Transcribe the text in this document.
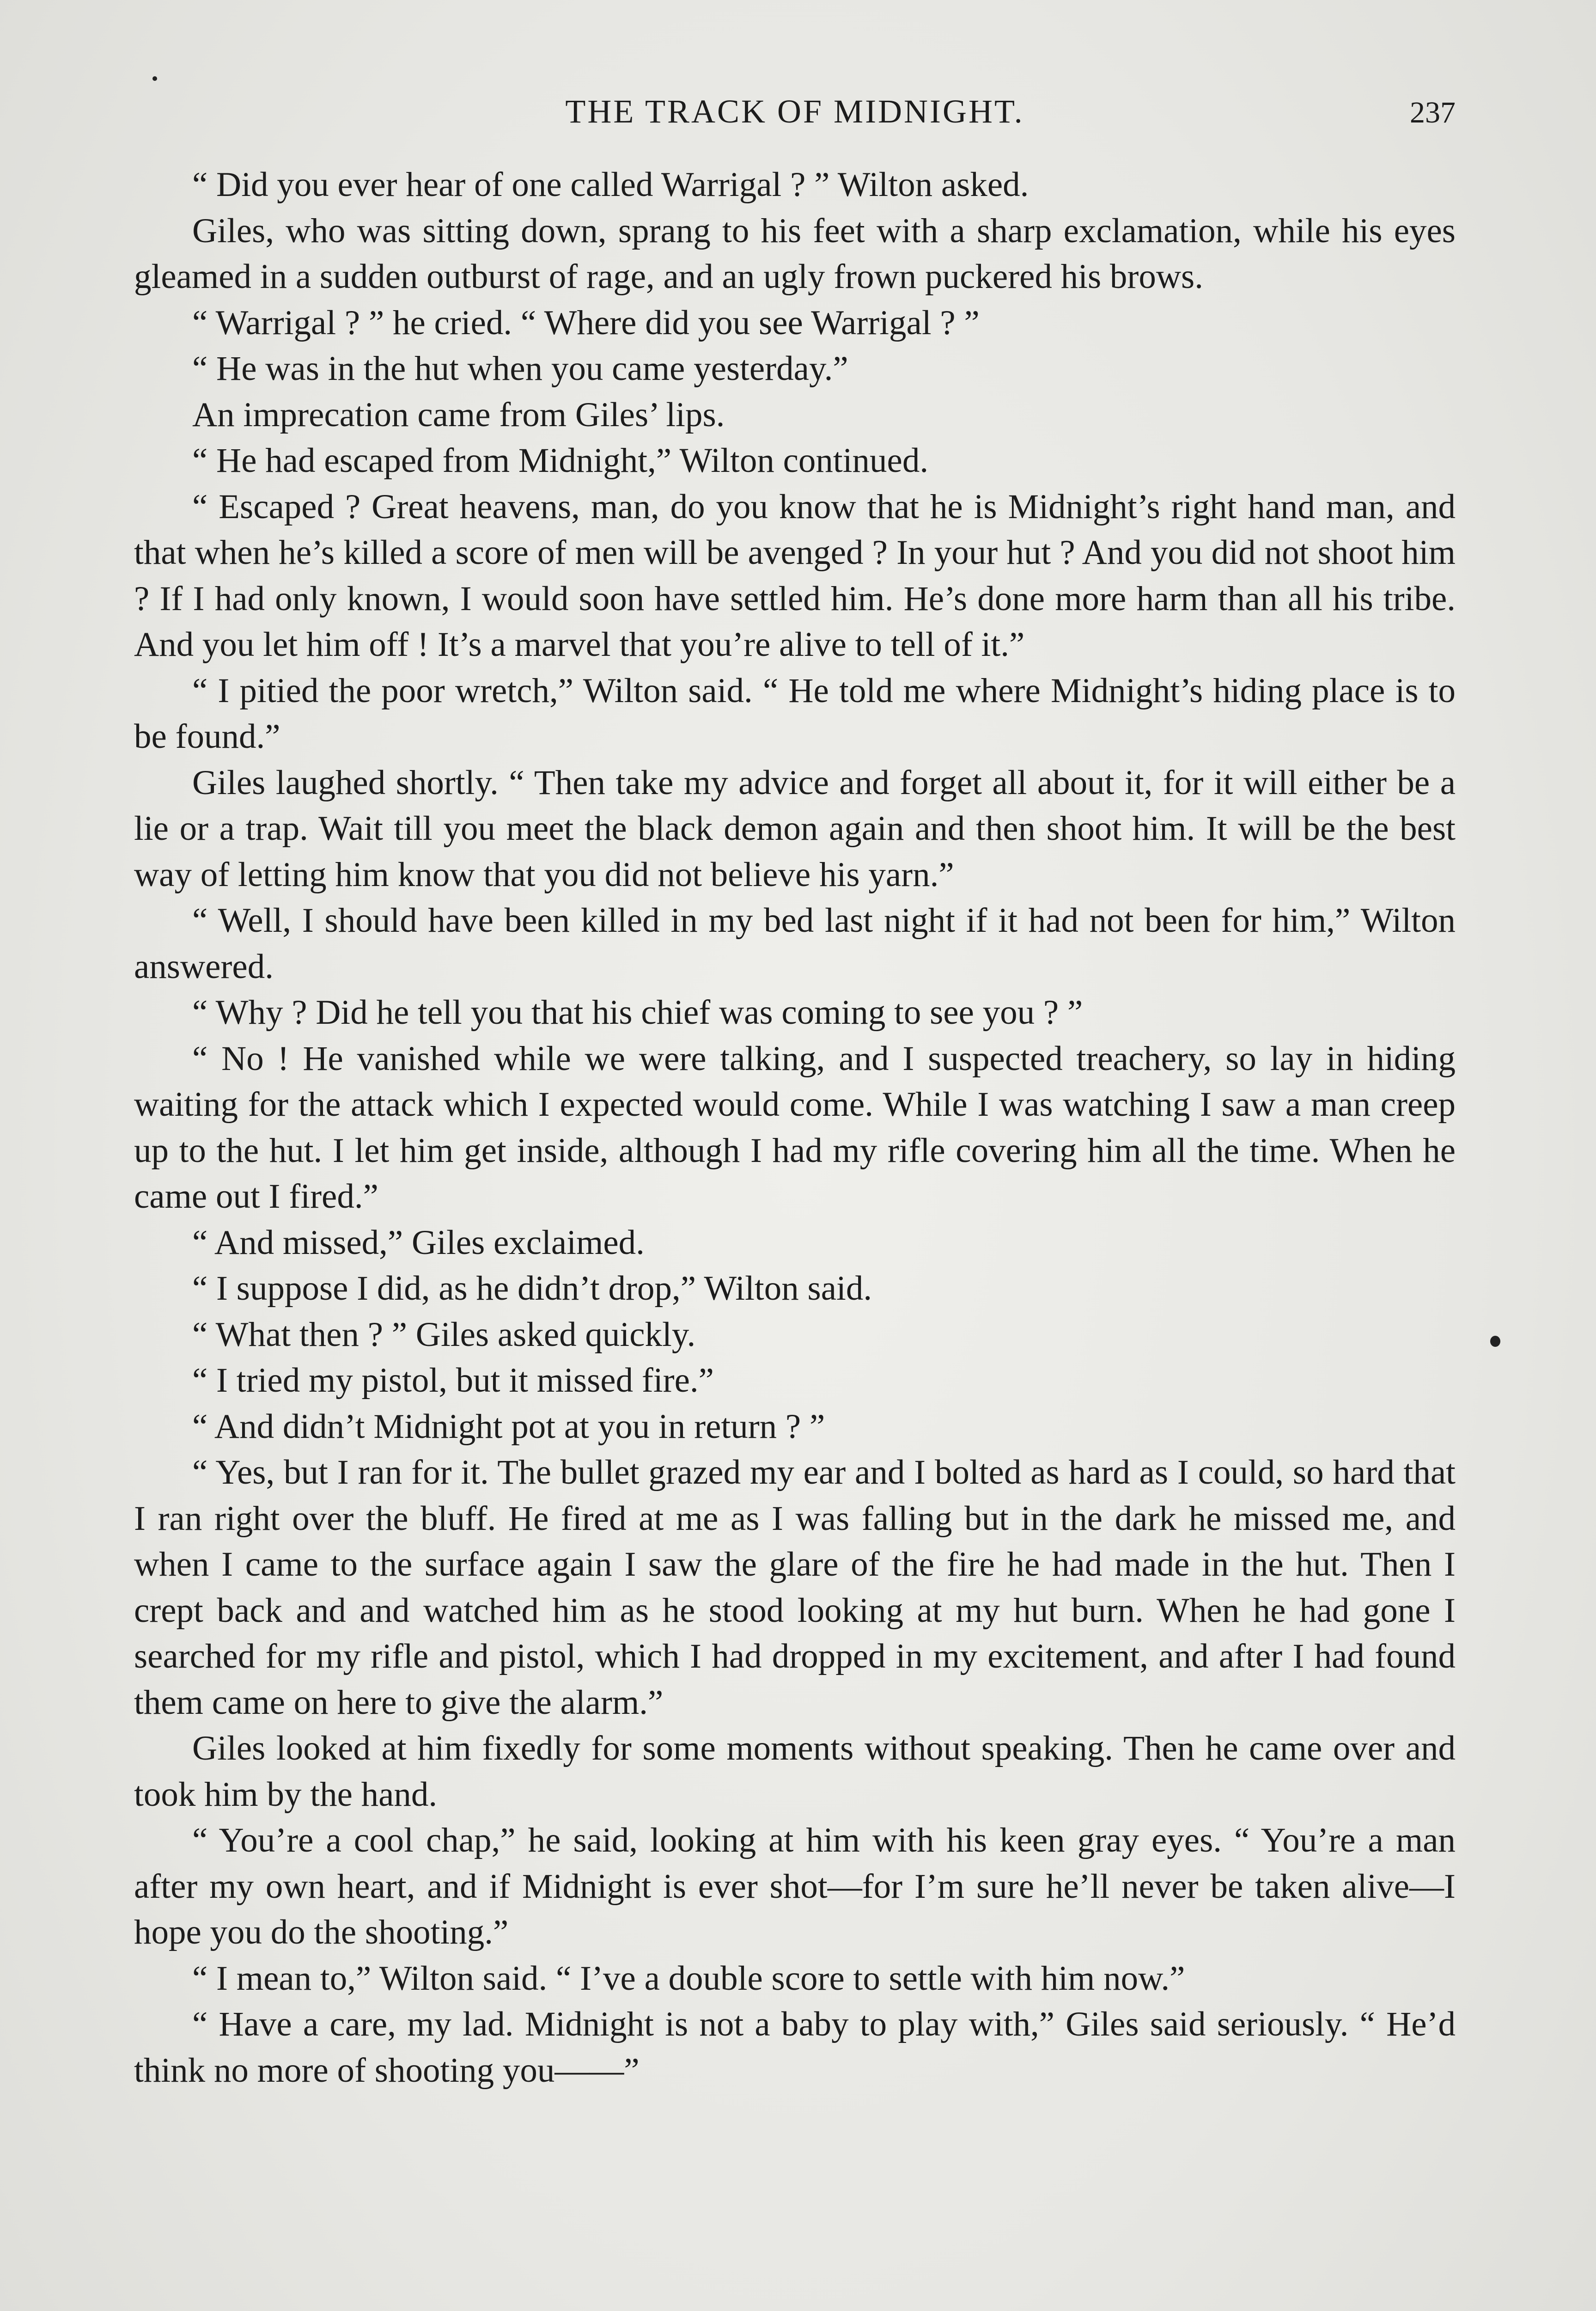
THE TRACK OF MIDNIGHT.	237

“ Did you ever hear of one called Warrigal ? ” Wilton asked.

Giles, who was sitting down, sprang to his feet with a sharp exclamation, while his eyes gleamed in a sudden outburst of rage, and an ugly frown puckered his brows.

“ Warrigal ? ” he cried. “ Where did you see Warrigal ? ”

“ He was in the hut when you came yesterday.”

An imprecation came from Giles’ lips.

“ He had escaped from Midnight,” Wilton continued.

“ Escaped ? Great heavens, man, do you know that he is Midnight’s right hand man, and that when he’s killed a score of men will be avenged ? In your hut ? And you did not shoot him ? If I had only known, I would soon have settled him. He’s done more harm than all his tribe. And you let him off ! It’s a marvel that you’re alive to tell of it.”

“ I pitied the poor wretch,” Wilton said. “ He told me where Midnight’s hiding place is to be found.”

Giles laughed shortly. “ Then take my advice and forget all about it, for it will either be a lie or a trap. Wait till you meet the black demon again and then shoot him. It will be the best way of letting him know that you did not believe his yarn.”

“ Well, I should have been killed in my bed last night if it had not been for him,” Wilton answered.

“ Why ? Did he tell you that his chief was coming to see you ? ”

“ No ! He vanished while we were talking, and I suspected treachery, so lay in hiding waiting for the attack which I expected would come. While I was watching I saw a man creep up to the hut. I let him get inside, although I had my rifle covering him all the time. When he came out I fired.”

“ And missed,” Giles exclaimed.

“ I suppose I did, as he didn’t drop,” Wilton said.

“ What then ? ” Giles asked quickly.

“ I tried my pistol, but it missed fire.”

“ And didn’t Midnight pot at you in return ? ”

“ Yes, but I ran for it. The bullet grazed my ear and I bolted as hard as I could, so hard that I ran right over the bluff. He fired at me as I was falling but in the dark he missed me, and when I came to the surface again I saw the glare of the fire he had made in the hut. Then I crept back and and watched him as he stood looking at my hut burn. When he had gone I searched for my rifle and pistol, which I had dropped in my excitement, and after I had found them came on here to give the alarm.”

Giles looked at him fixedly for some moments without speaking. Then he came over and took him by the hand.

“ You’re a cool chap,” he said, looking at him with his keen gray eyes. “ You’re a man after my own heart, and if Midnight is ever shot—for I’m sure he’ll never be taken alive—I hope you do the shooting.”

“ I mean to,” Wilton said. “ I’ve a double score to settle with him now.”

“ Have a care, my lad. Midnight is not a baby to play with,” Giles said seriously. “ He’d think no more of shooting you——”
